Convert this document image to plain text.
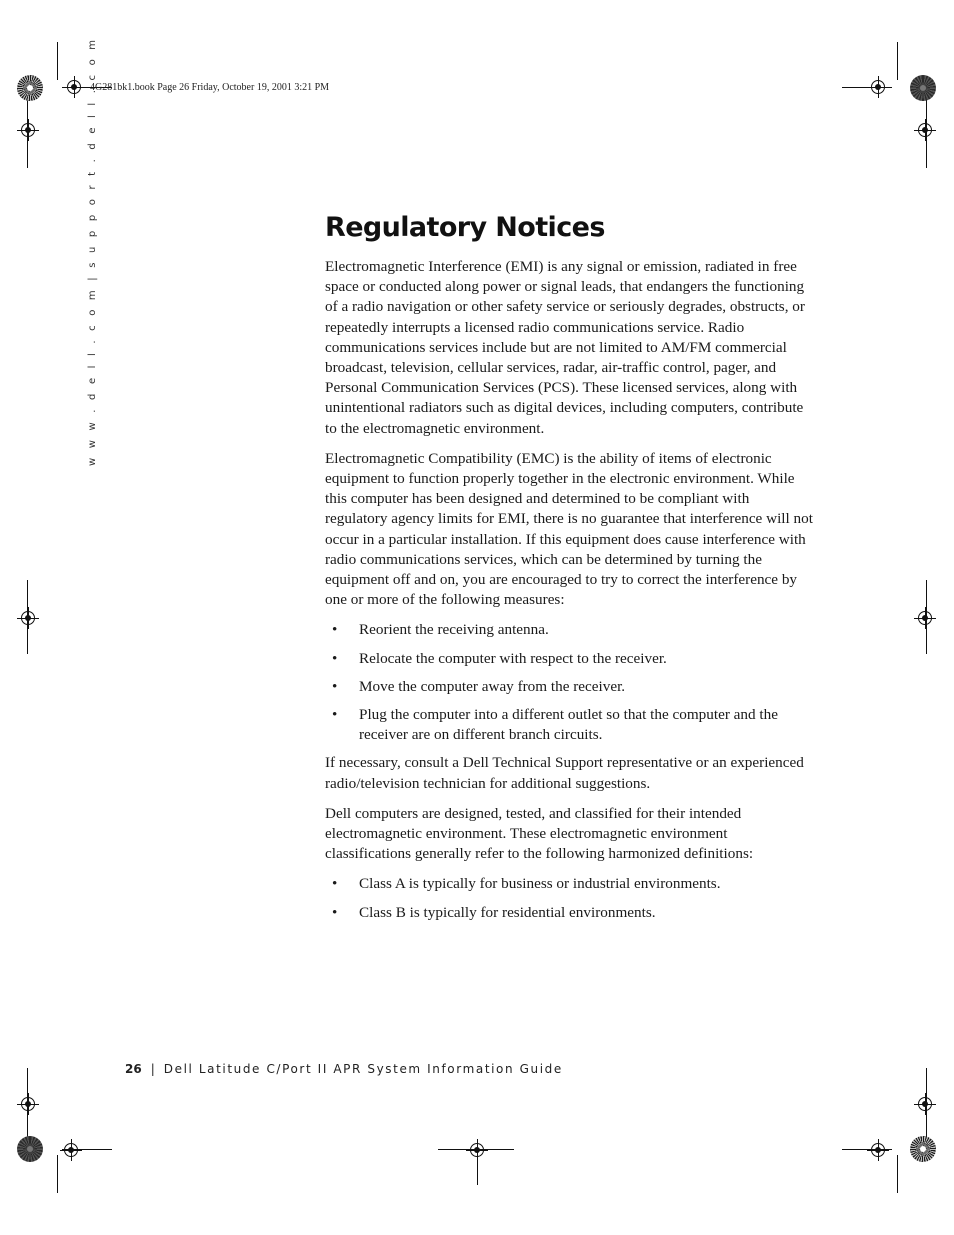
4G281bk1.book Page 26 Friday, October 19, 2001 3:21 PM
w w w . d e l l . c o m | s u p p o r t . d e l l . c o m	Regulatory Notices

Electromagnetic Interference (EMI) is any signal or emission, radiated in free space or conducted along power or signal leads, that endangers the functioning of a radio navigation or other safety service or seriously degrades, obstructs, or repeatedly interrupts a licensed radio communications service. Radio communications services include but are not limited to AM/FM commercial broadcast, television, cellular services, radar, air-traffic control, pager, and Personal Communication Services (PCS). These licensed services, along with unintentional radiators such as digital devices, including computers, contribute to the electromagnetic environment.

Electromagnetic Compatibility (EMC) is the ability of items of electronic equipment to function properly together in the electronic environment. While this computer has been designed and determined to be compliant with regulatory agency limits for EMI, there is no guarantee that interference will not occur in a particular installation. If this equipment does cause interference with radio communications services, which can be determined by turning the equipment off and on, you are encouraged to try to correct the interference by one or more of the following measures:

• Reorient the receiving antenna.
• Relocate the computer with respect to the receiver.
• Move the computer away from the receiver.
• Plug the computer into a different outlet so that the computer and the receiver are on different branch circuits.

If necessary, consult a Dell Technical Support representative or an experienced radio/television technician for additional suggestions.

Dell computers are designed, tested, and classified for their intended electromagnetic environment. These electromagnetic environment classifications generally refer to the following harmonized definitions:

• Class A is typically for business or industrial environments.
• Class B is typically for residential environments.
26 | Dell Latitude C/Port II APR System Information Guide
